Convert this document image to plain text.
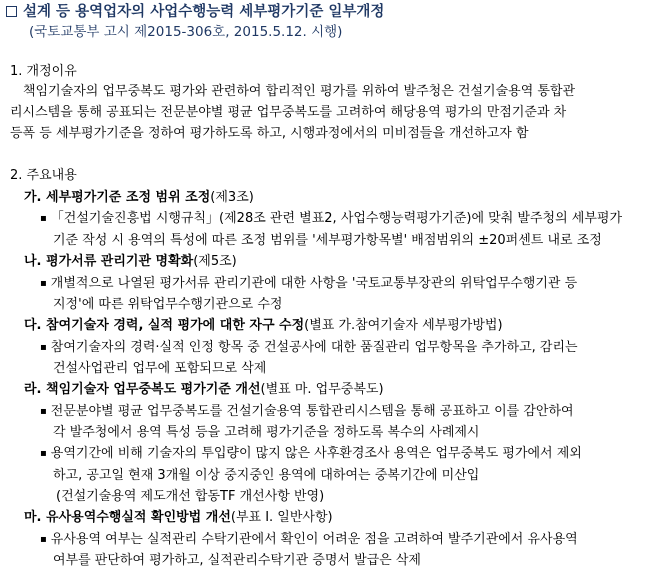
설계 등 용역업자의 사업수행능력 세부평가기준 일부개정
(국토교통부 고시 제2015-306호, 2015.5.12. 시행)
1. 개정이유
책임기술자의 업무중복도 평가와 관련하여 합리적인 평가를 위하여 발주청은 건설기술용역 통합관
리시스템을 통해 공표되는 전문분야별 평균 업무중복도를 고려하여 해당용역 평가의 만점기준과 차
등폭 등 세부평가기준을 정하여 평가하도록 하고, 시행과정에서의 미비점들을 개선하고자 함
2. 주요내용
가. 세부평가기준 조정 범위 조정(제3조)
▪ 「건설기술진흥법 시행규칙」(제28조 관련 별표2, 사업수행능력평가기준)에 맞춰 발주청의 세부평가
기준 작성 시 용역의 특성에 따른 조정 범위를 '세부평가항목별' 배점범위의 ±20퍼센트 내로 조정
나. 평가서류 관리기관 명확화(제5조)
▪ 개별적으로 나열된 평가서류 관리기관에 대한 사항을 '국토교통부장관의 위탁업무수행기관 등
지정'에 따른 위탁업무수행기관으로 수정
다. 참여기술자 경력, 실적 평가에 대한 자구 수정(별표 가.참여기술자 세부평가방법)
▪ 참여기술자의 경력·실적 인정 항목 중 건설공사에 대한 품질관리 업무항목을 추가하고, 감리는
건설사업관리 업무에 포함되므로 삭제
라. 책임기술자 업무중복도 평가기준 개선(별표 마. 업무중복도)
▪ 전문분야별 평균 업무중복도를 건설기술용역 통합관리시스템을 통해 공표하고 이를 감안하여
각 발주청에서 용역 특성 등을 고려해 평가기준을 정하도록 복수의 사례제시
▪ 용역기간에 비해 기술자의 투입량이 많지 않은 사후환경조사 용역은 업무중복도 평가에서 제외
하고, 공고일 현재 3개월 이상 중지중인 용역에 대하여는 중복기간에 미산입
(건설기술용역 제도개선 합동TF 개선사항 반영)
마. 유사용역수행실적 확인방법 개선(부표 Ⅰ. 일반사항)
▪ 유사용역 여부는 실적관리 수탁기관에서 확인이 어려운 점을 고려하여 발주기관에서 유사용역
여부를 판단하여 평가하고, 실적관리수탁기관 증명서 발급은 삭제
